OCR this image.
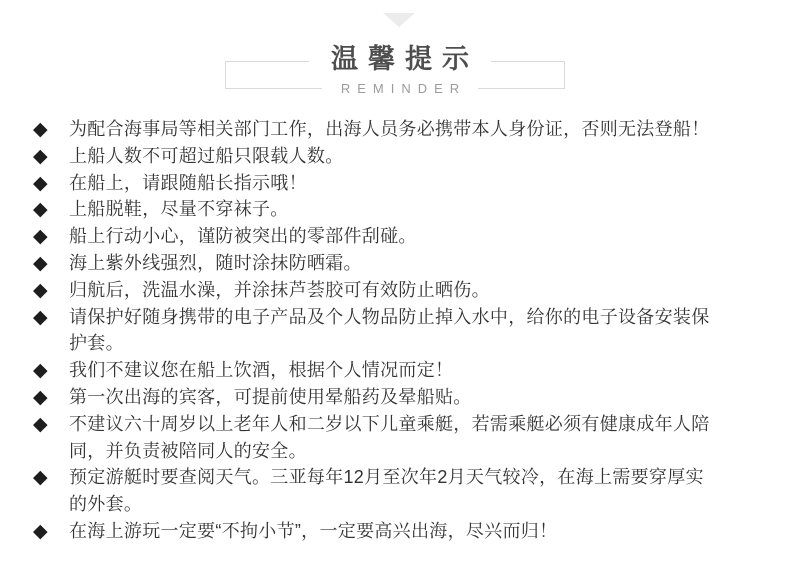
温馨提示
REMINDER
◆	为配合海事局等相关部门工作，出海人员务必携带本人身份证，否则无法登船！
◆	上船人数不可超过船只限载人数。
◆	在船上，请跟随船长指示哦！
◆	上船脱鞋，尽量不穿袜子。
◆	船上行动小心，谨防被突出的零部件刮碰。
◆	海上紫外线强烈，随时涂抹防晒霜。
◆	归航后，洗温水澡，并涂抹芦荟胶可有效防止晒伤。
◆	请保护好随身携带的电子产品及个人物品防止掉入水中，给你的电子设备安装保
护套。
◆	我们不建议您在船上饮酒，根据个人情况而定！
◆	第一次出海的宾客，可提前使用晕船药及晕船贴。
◆	不建议六十周岁以上老年人和二岁以下儿童乘艇，若需乘艇必须有健康成年人陪
同，并负责被陪同人的安全。
◆	预定游艇时要查阅天气。三亚每年12月至次年2月天气较冷，在海上需要穿厚实
的外套。
◆	在海上游玩一定要“不拘小节”，一定要高兴出海，尽兴而归！
